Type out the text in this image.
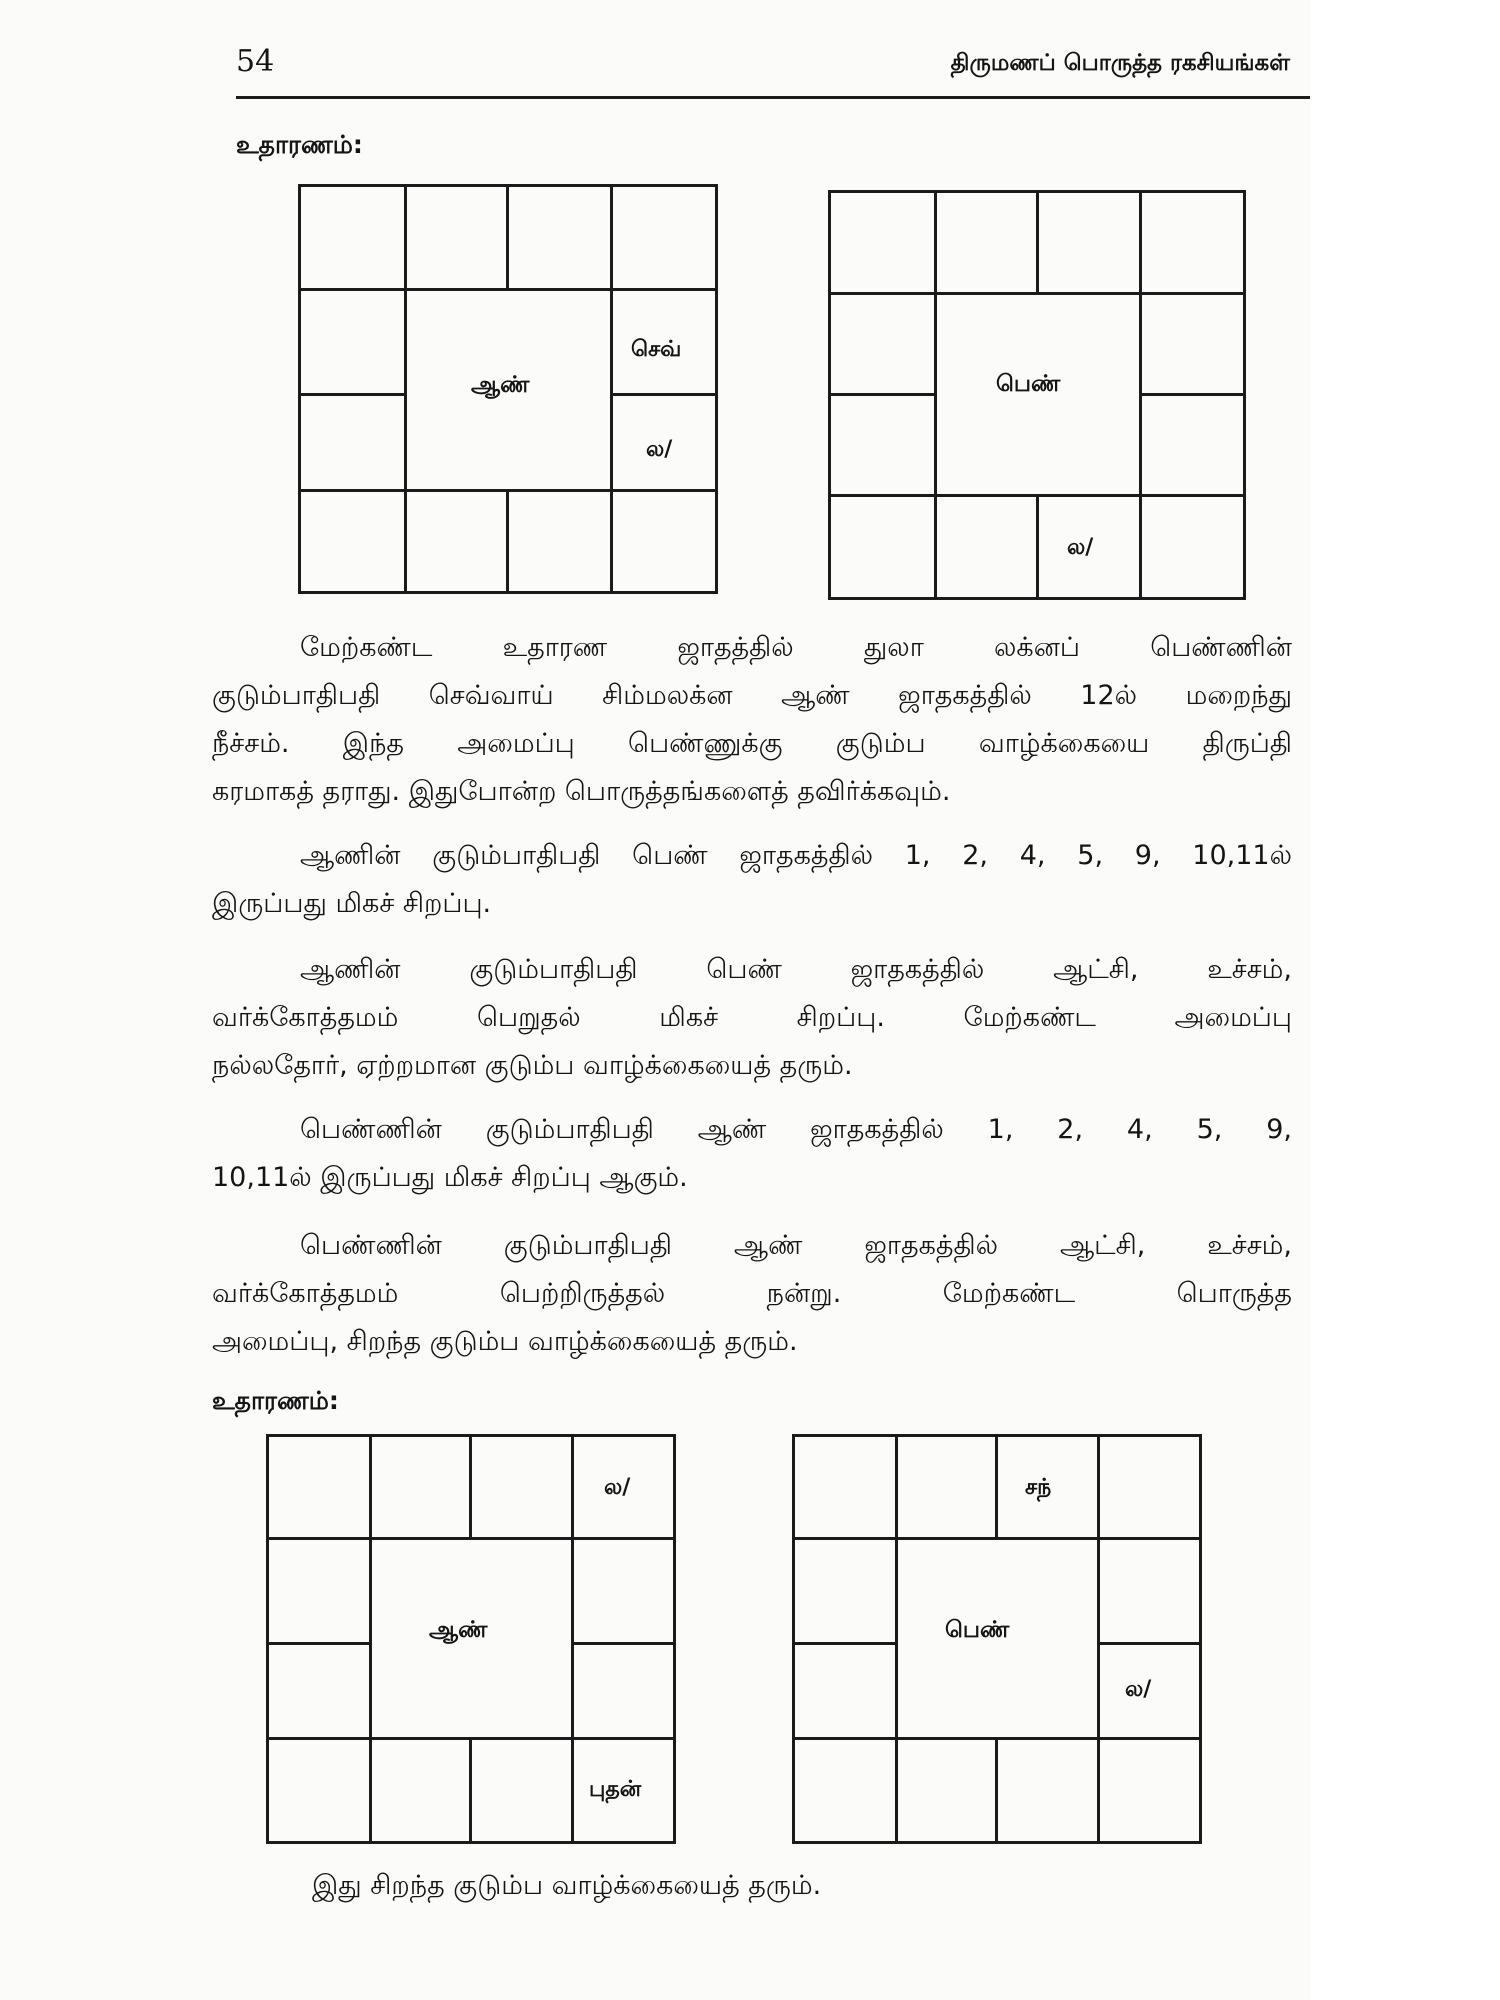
54	திருமணப் பொருத்த ரகசியங்கள்
உதாரணம்:
செவ்
ஆண்
ல/
பெண்
ல/
மேற்கண்ட உதாரண ஜாதத்தில் துலா லக்னப் பெண்ணின்
குடும்பாதிபதி செவ்வாய் சிம்மலக்ன ஆண் ஜாதகத்தில் 12ல் மறைந்து
நீச்சம். இந்த அமைப்பு பெண்ணுக்கு குடும்ப வாழ்க்கையை திருப்தி
கரமாகத் தராது. இதுபோன்ற பொருத்தங்களைத் தவிர்க்கவும்.
ஆணின் குடும்பாதிபதி பெண் ஜாதகத்தில் 1, 2, 4, 5, 9, 10,11ல்
இருப்பது மிகச் சிறப்பு.
ஆணின் குடும்பாதிபதி பெண் ஜாதகத்தில் ஆட்சி, உச்சம்,
வர்க்கோத்தமம் பெறுதல் மிகச் சிறப்பு. மேற்கண்ட அமைப்பு
நல்லதோர், ஏற்றமான குடும்ப வாழ்க்கையைத் தரும்.
பெண்ணின் குடும்பாதிபதி ஆண் ஜாதகத்தில் 1, 2, 4, 5, 9,
10,11ல் இருப்பது மிகச் சிறப்பு ஆகும்.
பெண்ணின் குடும்பாதிபதி ஆண் ஜாதகத்தில் ஆட்சி, உச்சம்,
வர்க்கோத்தமம் பெற்றிருத்தல் நன்று. மேற்கண்ட பொருத்த
அமைப்பு, சிறந்த குடும்ப வாழ்க்கையைத் தரும்.
உதாரணம்:
ல/
ஆண்
புதன்
சந்
பெண்
ல/
இது சிறந்த குடும்ப வாழ்க்கையைத் தரும்.
